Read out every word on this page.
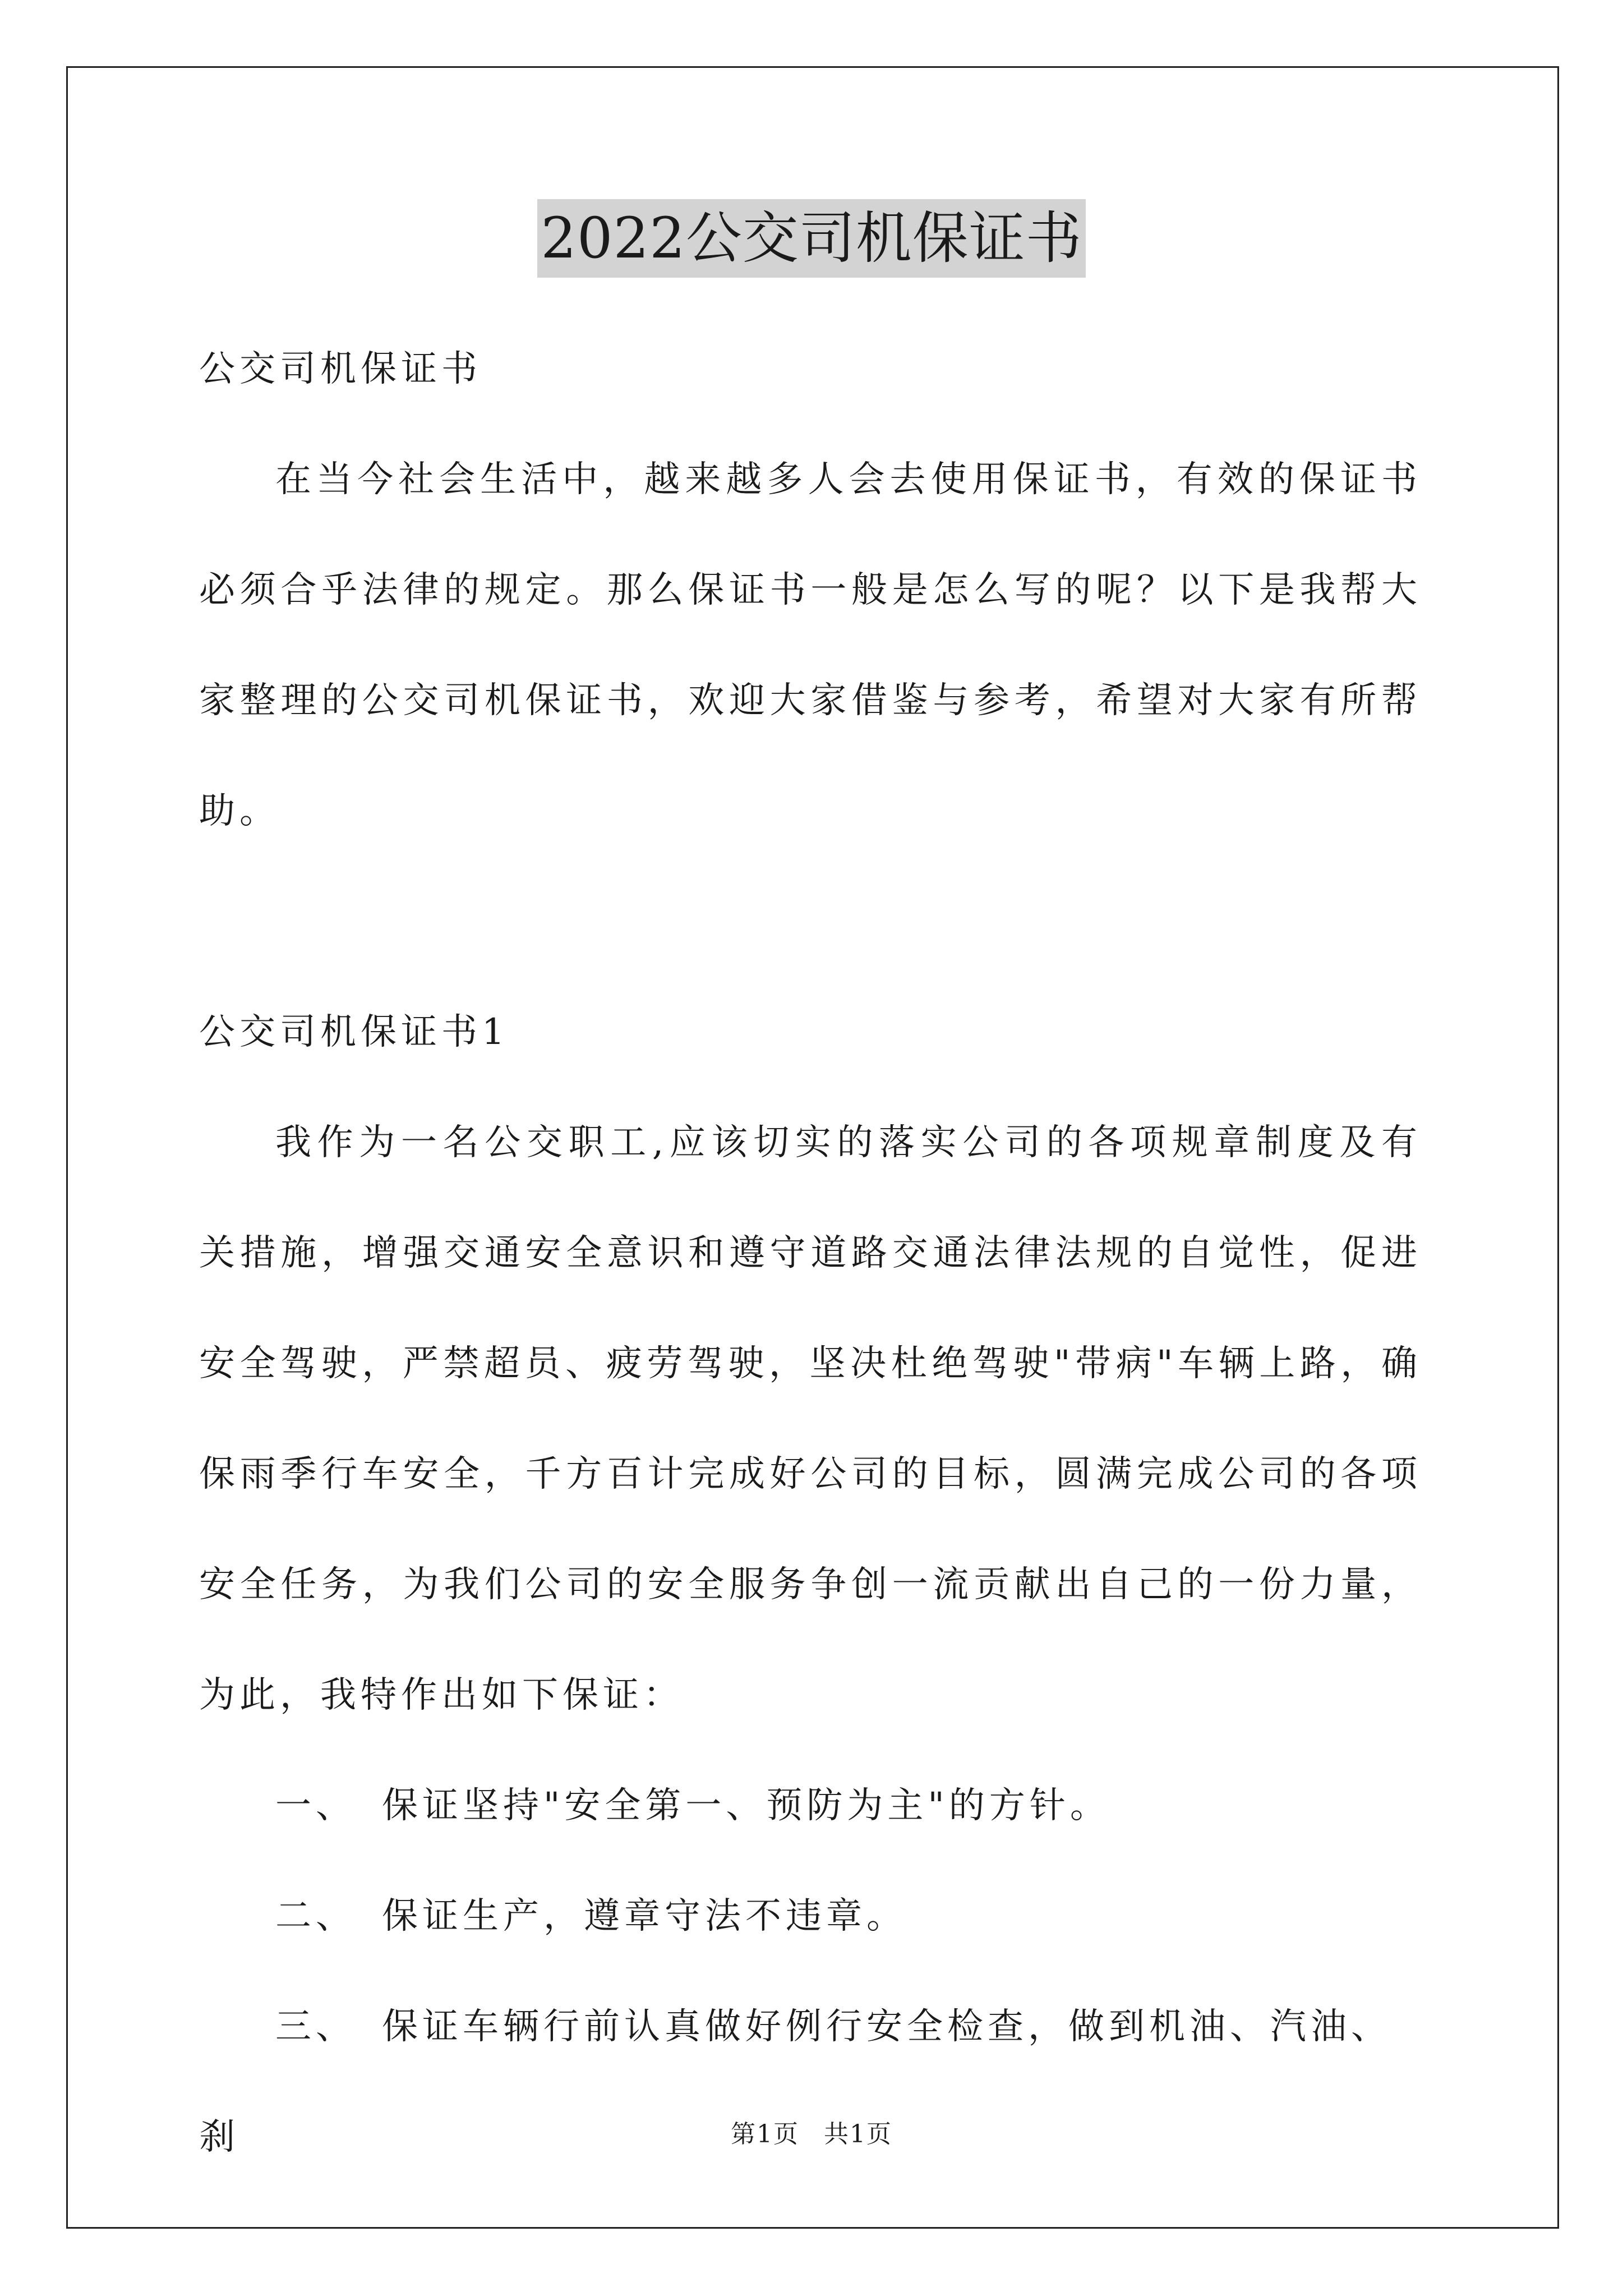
2022公交司机保证书

公交司机保证书

在当今社会生活中，越来越多人会去使用保证书，有效的保证书必须合乎法律的规定。那么保证书一般是怎么写的呢？以下是我帮大家整理的公交司机保证书，欢迎大家借鉴与参考，希望对大家有所帮助。

公交司机保证书1

我作为一名公交职工,应该切实的落实公司的各项规章制度及有关措施，增强交通安全意识和遵守道路交通法律法规的自觉性，促进安全驾驶，严禁超员、疲劳驾驶，坚决杜绝驾驶"带病"车辆上路，确保雨季行车安全，千方百计完成好公司的目标，圆满完成公司的各项安全任务，为我们公司的安全服务争创一流贡献出自己的一份力量，为此，我特作出如下保证：

一、 保证坚持"安全第一、预防为主"的方针。

二、 保证生产，遵章守法不违章。

三、 保证车辆行前认真做好例行安全检查，做到机油、汽油、刹	第1页 共1页
